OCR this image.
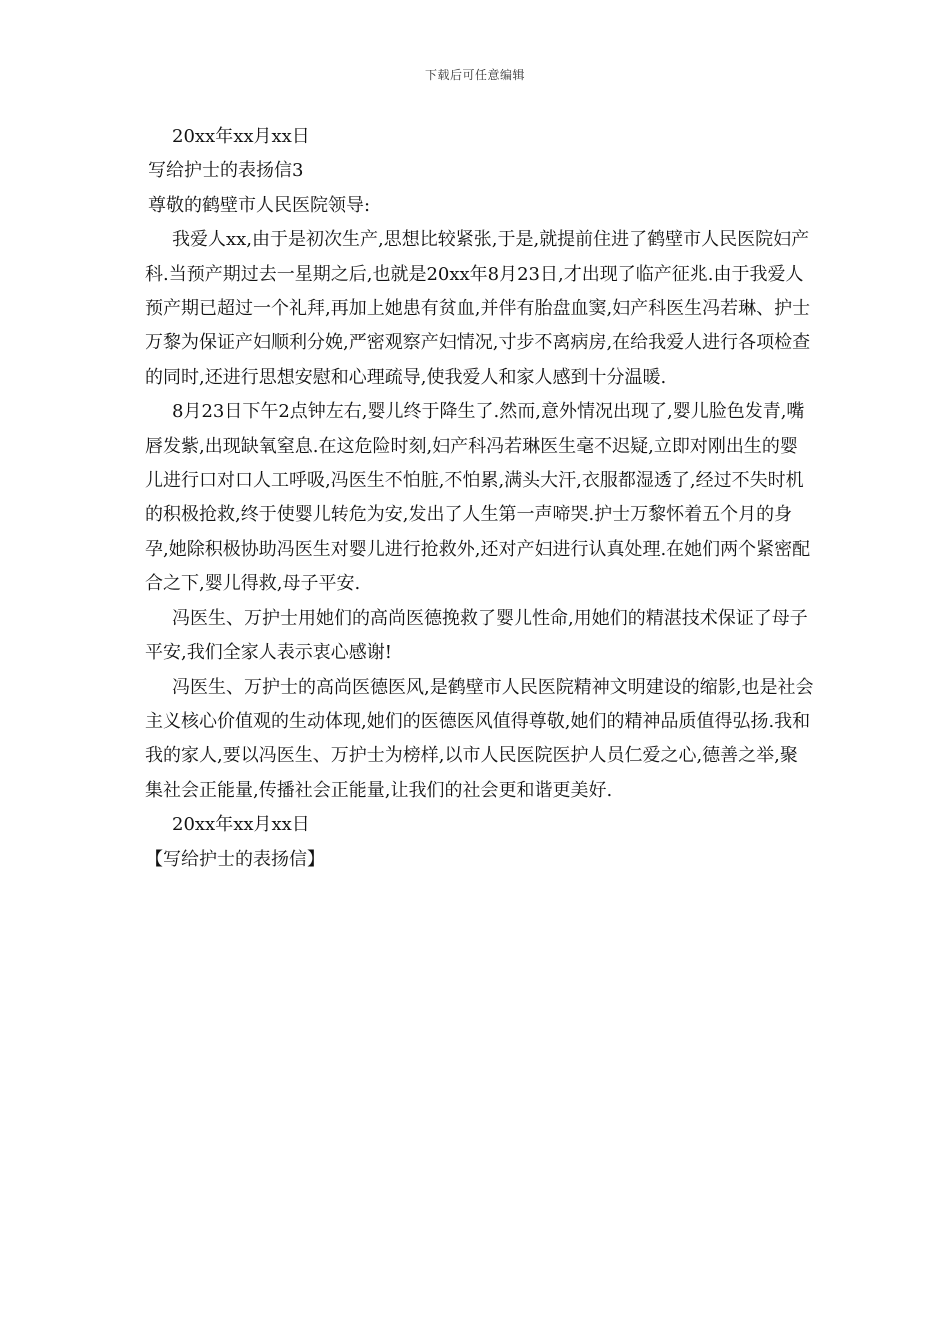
下载后可任意编辑

20xx年xx月xx日

写给护士的表扬信3

尊敬的鹤壁市人民医院领导:

我爱人xx,由于是初次生产,思想比较紧张,于是,就提前住进了鹤壁市人民医院妇产科.当预产期过去一星期之后,也就是20xx年8月23日,才出现了临产征兆.由于我爱人预产期已超过一个礼拜,再加上她患有贫血,并伴有胎盘血窦,妇产科医生冯若琳、护士万黎为保证产妇顺利分娩,严密观察产妇情况,寸步不离病房,在给我爱人进行各项检查的同时,还进行思想安慰和心理疏导,使我爱人和家人感到十分温暖.

8月23日下午2点钟左右,婴儿终于降生了.然而,意外情况出现了,婴儿脸色发青,嘴唇发紫,出现缺氧窒息.在这危险时刻,妇产科冯若琳医生毫不迟疑,立即对刚出生的婴儿进行口对口人工呼吸,冯医生不怕脏,不怕累,满头大汗,衣服都湿透了,经过不失时机的积极抢救,终于使婴儿转危为安,发出了人生第一声啼哭.护士万黎怀着五个月的身孕,她除积极协助冯医生对婴儿进行抢救外,还对产妇进行认真处理.在她们两个紧密配合之下,婴儿得救,母子平安.

冯医生、万护士用她们的高尚医德挽救了婴儿性命,用她们的精湛技术保证了母子平安,我们全家人表示衷心感谢!

冯医生、万护士的高尚医德医风,是鹤壁市人民医院精神文明建设的缩影,也是社会主义核心价值观的生动体现,她们的医德医风值得尊敬,她们的精神品质值得弘扬.我和我的家人,要以冯医生、万护士为榜样,以市人民医院医护人员仁爱之心,德善之举,聚集社会正能量,传播社会正能量,让我们的社会更和谐更美好.

20xx年xx月xx日

【写给护士的表扬信】
